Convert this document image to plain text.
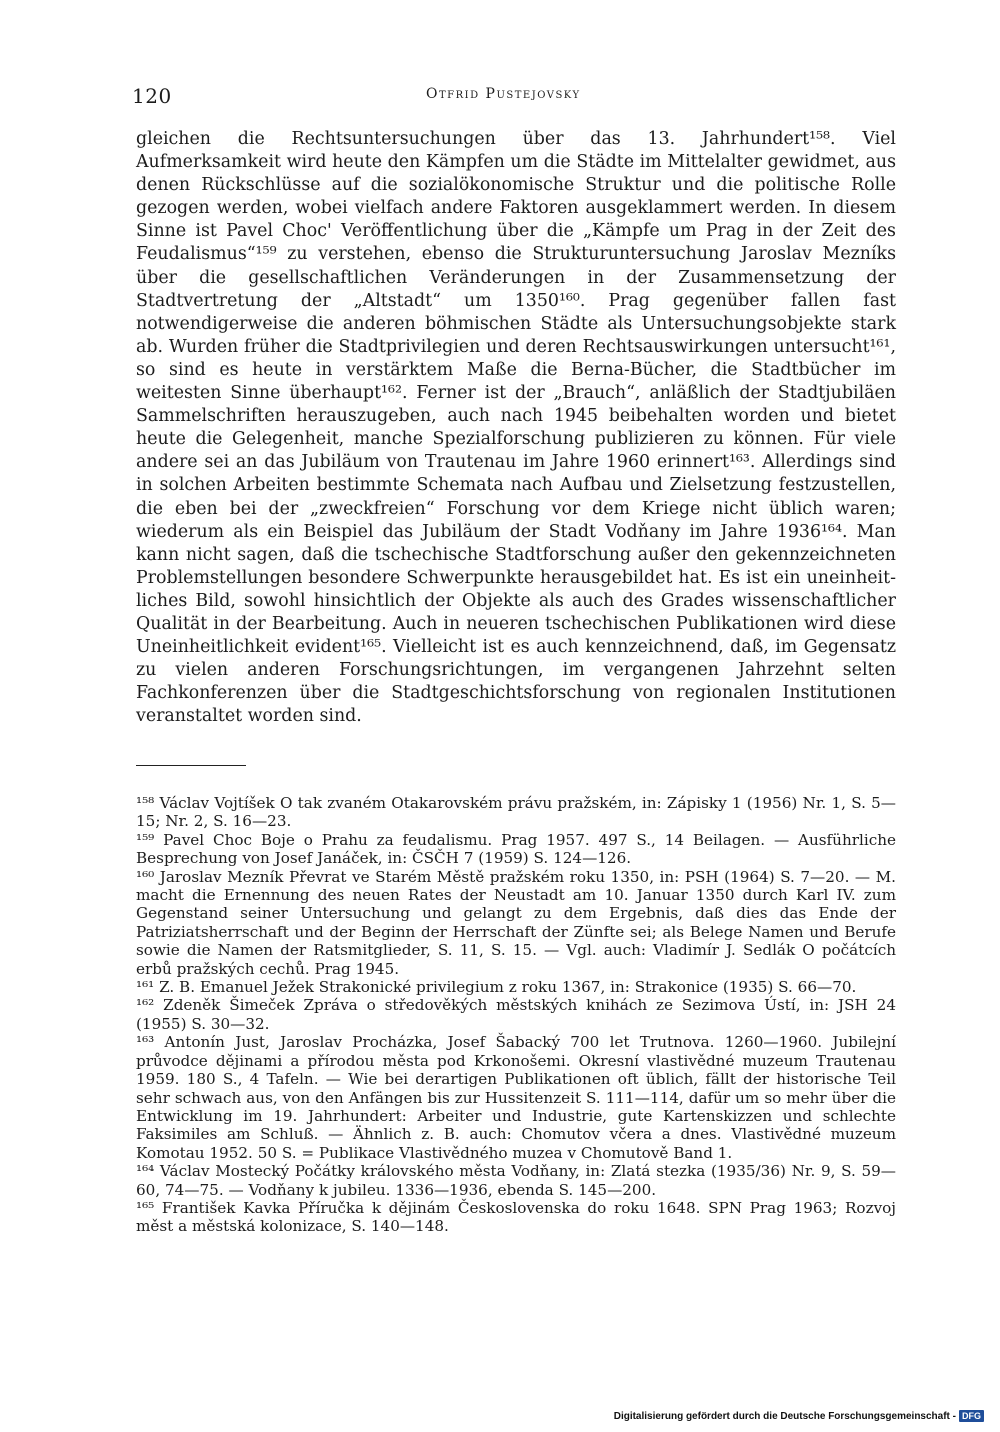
120	Otfrid Pustejovsky
gleichen die Rechtsuntersuchungen über das 13. Jahrhundert¹⁵⁸. Viel Aufmerksamkeit wird heute den Kämpfen um die Städte im Mittelalter gewidmet, aus denen Rückschlüsse auf die sozialökonomische Struktur und die politische Rolle gezogen werden, wobei vielfach andere Faktoren ausgeklammert werden. In diesem Sinne ist Pavel Choc' Veröffentlichung über die „Kämpfe um Prag in der Zeit des Feudalismus“¹⁵⁹ zu verstehen, ebenso die Strukturuntersuchung Jaroslav Mezníks über die gesellschaftlichen Veränderungen in der Zusammensetzung der Stadtvertretung der „Altstadt“ um 1350¹⁶⁰. Prag gegenüber fallen fast notwendigerweise die anderen böhmischen Städte als Untersuchungsobjekte stark ab. Wurden früher die Stadtprivilegien und deren Rechtsauswirkungen untersucht¹⁶¹, so sind es heute in verstärktem Maße die Berna-Bücher, die Stadtbücher im weitesten Sinne überhaupt¹⁶². Ferner ist der „Brauch“, anläßlich der Stadtjubiläen Sammelschriften herauszugeben, auch nach 1945 beibehalten worden und bietet heute die Gelegenheit, manche Spezialforschung publizieren zu können. Für viele andere sei an das Jubiläum von Trautenau im Jahre 1960 erinnert¹⁶³. Allerdings sind in solchen Arbeiten bestimmte Schemata nach Aufbau und Zielsetzung festzustellen, die eben bei der „zweckfreien“ Forschung vor dem Kriege nicht üblich waren; wiederum als ein Beispiel das Jubiläum der Stadt Vodňany im Jahre 1936¹⁶⁴. Man kann nicht sagen, daß die tschechische Stadtforschung außer den gekennzeichneten Problemstellungen besondere Schwerpunkte herausgebildet hat. Es ist ein uneinheitliches Bild, sowohl hinsichtlich der Objekte als auch des Grades wissenschaftlicher Qualität in der Bearbeitung. Auch in neueren tschechischen Publikationen wird diese Uneinheitlichkeit evident¹⁶⁵. Vielleicht ist es auch kennzeichnend, daß, im Gegensatz zu vielen anderen Forschungsrichtungen, im vergangenen Jahrzehnt selten Fachkonferenzen über die Stadtgeschichtsforschung von regionalen Institutionen veranstaltet worden sind.

¹⁵⁸ Václav Vojtíšek O tak zvaném Otakarovském právu pražském, in: Zápisky 1 (1956) Nr. 1, S. 5—15; Nr. 2, S. 16—23.

¹⁵⁹ Pavel Choc Boje o Prahu za feudalismu. Prag 1957. 497 S., 14 Beilagen. — Ausführliche Besprechung von Josef Janáček, in: ČSČH 7 (1959) S. 124—126.

¹⁶⁰ Jaroslav Mezník Převrat ve Starém Městě pražském roku 1350, in: PSH (1964) S. 7—20. — M. macht die Ernennung des neuen Rates der Neustadt am 10. Januar 1350 durch Karl IV. zum Gegenstand seiner Untersuchung und gelangt zu dem Ergebnis, daß dies das Ende der Patriziatsherrschaft und der Beginn der Herrschaft der Zünfte sei; als Belege Namen und Berufe sowie die Namen der Ratsmitglieder, S. 11, S. 15. — Vgl. auch: Vladimír J. Sedlák O počátcích erbů pražských cechů. Prag 1945.

¹⁶¹ Z. B. Emanuel Ježek Strakonické privilegium z roku 1367, in: Strakonice (1935) S. 66—70.

¹⁶² Zdeněk Šimeček Zpráva o středověkých městských knihách ze Sezimova Ústí, in: JSH 24 (1955) S. 30—32.

¹⁶³ Antonín Just, Jaroslav Procházka, Josef Šabacký 700 let Trutnova. 1260—1960. Jubilejní průvodce dějinami a přírodou města pod Krkonošemi. Okresní vlastivědné muzeum Trautenau 1959. 180 S., 4 Tafeln. — Wie bei derartigen Publikationen oft üblich, fällt der historische Teil sehr schwach aus, von den Anfängen bis zur Hussitenzeit S. 111—114, dafür um so mehr über die Entwicklung im 19. Jahrhundert: Arbeiter und Industrie, gute Kartenskizzen und schlechte Faksimiles am Schluß. — Ähnlich z. B. auch: Chomutov včera a dnes. Vlastivědné muzeum Komotau 1952. 50 S. = Publikace Vlastivědného muzea v Chomutově Band 1.

¹⁶⁴ Václav Mostecký Počátky královského města Vodňany, in: Zlatá stezka (1935/36) Nr. 9, S. 59—60, 74—75. — Vodňany k jubileu. 1336—1936, ebenda S. 145—200.

¹⁶⁵ František Kavka Příručka k dějinám Československa do roku 1648. SPN Prag 1963; Rozvoj měst a městská kolonizace, S. 140—148.

Digitalisierung gefördert durch die Deutsche Forschungsgemeinschaft - DFG
